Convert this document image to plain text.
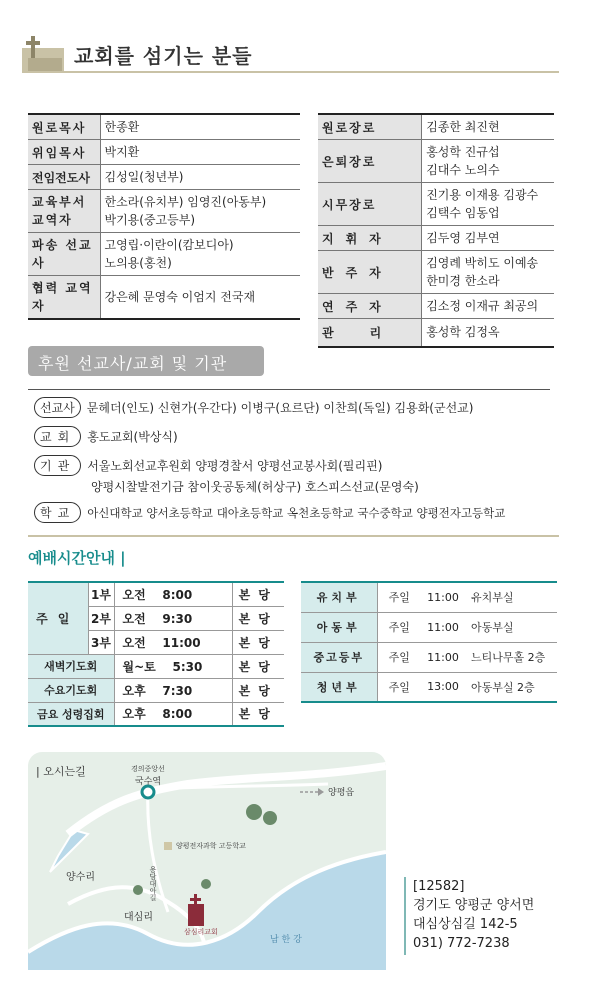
교회를 섬기는 분들
원로목사	한종환
위임목사	박지환
전임전도사	김성일(청년부)
교육부서 교역자	한소라(유치부) 임영진(아동부)
박기용(중고등부)

파송 선교사	고영립·이란이(캄보디아)
노의용(홍천)

협력 교역자	강은혜 문영숙 이엄지 전국재
원로장로	김종한 최진현
은퇴장로	홍성학 진규섭
김대수 노의수

시무장로	진기용 이재용 김광수
김택수 임동업

지휘자	김두영 김부연
반주자	김영례 박히도 이예송
한미경 한소라

연주자	김소정 이재규 최공의
관리	홍성학 김정옥
후원 선교사/교회 및 기관
선교사 문헤더(인도) 신현가(우간다) 이병구(요르단) 이찬희(독일) 김용화(군선교)
교회 홍도교회(박상식)
기관 서울노회선교후원회 양평경찰서 양평선교봉사회(필리핀)
양평시찰발전기금 참이웃공동체(허상구) 호스피스선교(문영숙)
학교 아신대학교 양서초등학교 대아초등학교 옥천초등학교 국수중학교 양평전자고등학교
예배시간안내 |
주일	1부	오전 8:00	본당
	2부	오전 9:30	본당
	3부	오전 11:00	본당
새벽기도회		월~토 5:30	본당
수요기도회		오후 7:30	본당
금요 성령집회		오후 8:00	본당
유치부	주일	11:00	유치부실
아동부	주일	11:00	아동부실
중고등부	주일	11:00	느티나무홀 2층
청년부	주일	13:00	아동부실 2층
| 오시는길	경의중앙선
국수역
양평읍
양평전자과학 고등학교
양수리	용담대아길
대심리
삼심리교회
남 한 강
[12582]
경기도 양평군 양서면
대심상심길 142-5
031) 772-7238
